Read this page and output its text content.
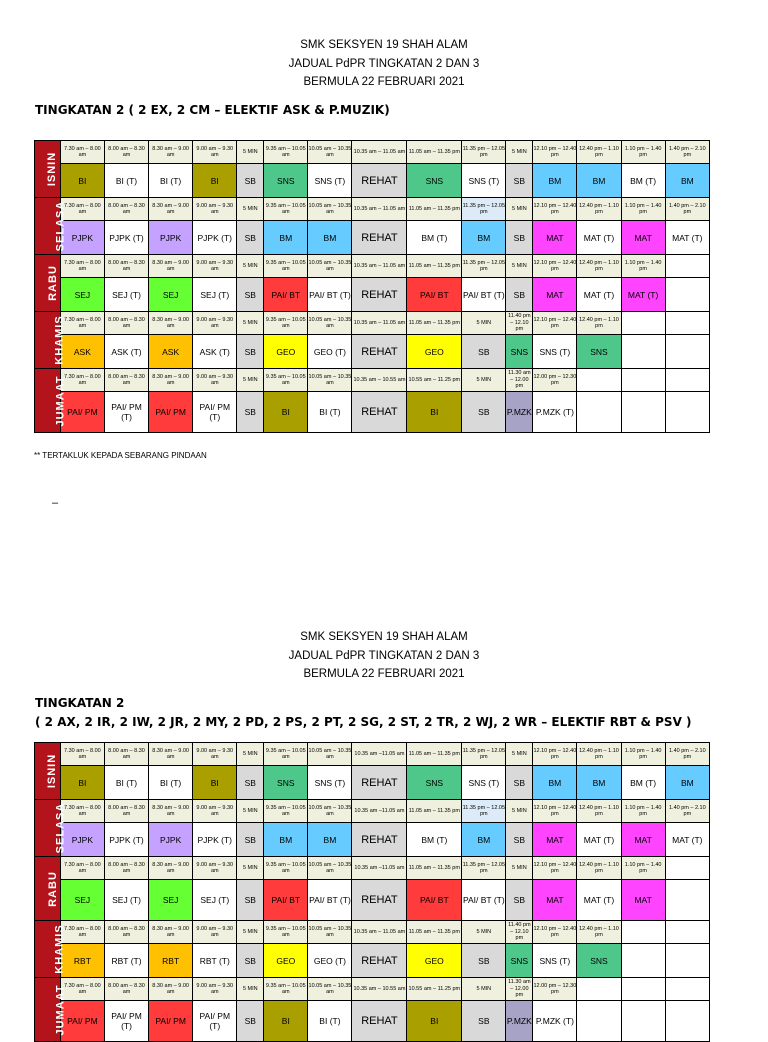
SMK SEKSYEN 19 SHAH ALAM
JADUAL PdPR TINGKATAN 2 DAN 3
BERMULA 22 FEBRUARI 2021
TINGKATAN 2 ( 2 EX, 2 CM – ELEKTIF ASK & P.MUZIK)
ISNIN	7.30 am – 8.00 am	8.00 am – 8.30 am	8.30 am – 9.00 am	9.00 am – 9.30 am	5 MIN	9.35 am – 10.05 am	10.05 am – 10.35 am	10.35 am – 11.05 am	11.05 am – 11.35 pm	11.35 pm – 12.05 pm	5 MIN	12.10 pm – 12.40 pm	12.40 pm – 1.10 pm	1.10 pm – 1.40 pm	1.40 pm – 2.10 pm
	BI	BI (T)	BI (T)	BI	SB	SNS	SNS (T)	REHAT	SNS	SNS (T)	SB	BM	BM	BM (T)	BM
SELASA	7.30 am – 8.00 am	8.00 am – 8.30 am	8.30 am – 9.00 am	9.00 am – 9.30 am	5 MIN	9.35 am – 10.05 am	10.05 am – 10.35 am	10.35 am – 11.05 am	11.05 am – 11.35 pm	11.35 pm – 12.05 pm	5 MIN	12.10 pm – 12.40 pm	12.40 pm – 1.10 pm	1.10 pm – 1.40 pm	1.40 pm – 2.10 pm
	PJPK	PJPK (T)	PJPK	PJPK (T)	SB	BM	BM	REHAT	BM (T)	BM	SB	MAT	MAT (T)	MAT	MAT (T)
RABU	7.30 am – 8.00 am	8.00 am – 8.30 am	8.30 am – 9.00 am	9.00 am – 9.30 am	5 MIN	9.35 am – 10.05 am	10.05 am – 10.35 am	10.35 am – 11.05 am	11.05 am – 11.35 pm	11.35 pm – 12.05 pm	5 MIN	12.10 pm – 12.40 pm	12.40 pm – 1.10 pm	1.10 pm – 1.40 pm	
	SEJ	SEJ (T)	SEJ	SEJ (T)	SB	PAI/ BT	PAI/ BT (T)	REHAT	PAI/ BT	PAI/ BT (T)	SB	MAT	MAT (T)	MAT (T)	
KHAMIS	7.30 am – 8.00 am	8.00 am – 8.30 am	8.30 am – 9.00 am	9.00 am – 9.30 am	5 MIN	9.35 am – 10.05 am	10.05 am – 10.35 am	10.35 am – 11.05 am	11.05 am – 11.35 pm	5 MIN	11.40 pm – 12.10 pm	12.10 pm – 12.40 pm	12.40 pm – 1.10 pm		
	ASK	ASK (T)	ASK	ASK (T)	SB	GEO	GEO (T)	REHAT	GEO	SB	SNS	SNS (T)	SNS		
JUMAAT	7.30 am – 8.00 am	8.00 am – 8.30 am	8.30 am – 9.00 am	9.00 am – 9.30 am	5 MIN	9.35 am – 10.05 am	10.05 am – 10.35 am	10.35 am – 10.55 am	10.55 am – 11.25 pm	5 MIN	11.30 am – 12.00 pm	12.00 pm – 12.30 pm			
	PAI/ PM	PAI/ PM (T)	PAI/ PM	PAI/ PM (T)	SB	BI	BI (T)	REHAT	BI	SB	P.MZK	P.MZK (T)			
** TERTAKLUK KEPADA SEBARANG PINDAAN
–
SMK SEKSYEN 19 SHAH ALAM
JADUAL PdPR TINGKATAN 2 DAN 3
BERMULA 22 FEBRUARI 2021
TINGKATAN 2
( 2 AX, 2 IR, 2 IW, 2 JR, 2 MY, 2 PD, 2 PS, 2 PT, 2 SG, 2 ST, 2 TR, 2 WJ, 2 WR – ELEKTIF RBT & PSV )
ISNIN	7.30 am – 8.00 am	8.00 am – 8.30 am	8.30 am – 9.00 am	9.00 am – 9.30 am	5 MIN	9.35 am – 10.05 am	10.05 am – 10.35 am	10.35 am –11.05 am	11.05 am – 11.35 pm	11.35 pm – 12.05 pm	5 MIN	12.10 pm – 12.40 pm	12.40 pm – 1.10 pm	1.10 pm – 1.40 pm	1.40 pm – 2.10 pm
	BI	BI (T)	BI (T)	BI	SB	SNS	SNS (T)	REHAT	SNS	SNS (T)	SB	BM	BM	BM (T)	BM
SELASA	7.30 am – 8.00 am	8.00 am – 8.30 am	8.30 am – 9.00 am	9.00 am – 9.30 am	5 MIN	9.35 am – 10.05 am	10.05 am – 10.35 am	10.35 am –11.05 am	11.05 am – 11.35 pm	11.35 pm – 12.05 pm	5 MIN	12.10 pm – 12.40 pm	12.40 pm – 1.10 pm	1.10 pm – 1.40 pm	1.40 pm – 2.10 pm
	PJPK	PJPK (T)	PJPK	PJPK (T)	SB	BM	BM	REHAT	BM (T)	BM	SB	MAT	MAT (T)	MAT	MAT (T)
RABU	7.30 am – 8.00 am	8.00 am – 8.30 am	8.30 am – 9.00 am	9.00 am – 9.30 am	5 MIN	9.35 am – 10.05 am	10.05 am – 10.35 am	10.35 am –11.05 am	11.05 am – 11.35 pm	11.35 pm – 12.05 pm	5 MIN	12.10 pm – 12.40 pm	12.40 pm – 1.10 pm	1.10 pm – 1.40 pm	
	SEJ	SEJ (T)	SEJ	SEJ (T)	SB	PAI/ BT	PAI/ BT (T)	REHAT	PAI/ BT	PAI/ BT (T)	SB	MAT	MAT (T)	MAT	
KHAMIS	7.30 am – 8.00 am	8.00 am – 8.30 am	8.30 am – 9.00 am	9.00 am – 9.30 am	5 MIN	9.35 am – 10.05 am	10.05 am – 10.35 am	10.35 am – 11.05 am	11.05 am – 11.35 pm	5 MIN	11.40 pm – 12.10 pm	12.10 pm – 12.40 pm	12.40 pm – 1.10 pm		
	RBT	RBT (T)	RBT	RBT (T)	SB	GEO	GEO (T)	REHAT	GEO	SB	SNS	SNS (T)	SNS		
JUMAAT	7.30 am – 8.00 am	8.00 am – 8.30 am	8.30 am – 9.00 am	9.00 am – 9.30 am	5 MIN	9.35 am – 10.05 am	10.05 am – 10.35 am	10.35 am – 10.55 am	10.55 am – 11.25 pm	5 MIN	11.30 am – 12.00 pm	12.00 pm – 12.30 pm			
	PAI/ PM	PAI/ PM (T)	PAI/ PM	PAI/ PM (T)	SB	BI	BI (T)	REHAT	BI	SB	P.MZK	P.MZK (T)			
